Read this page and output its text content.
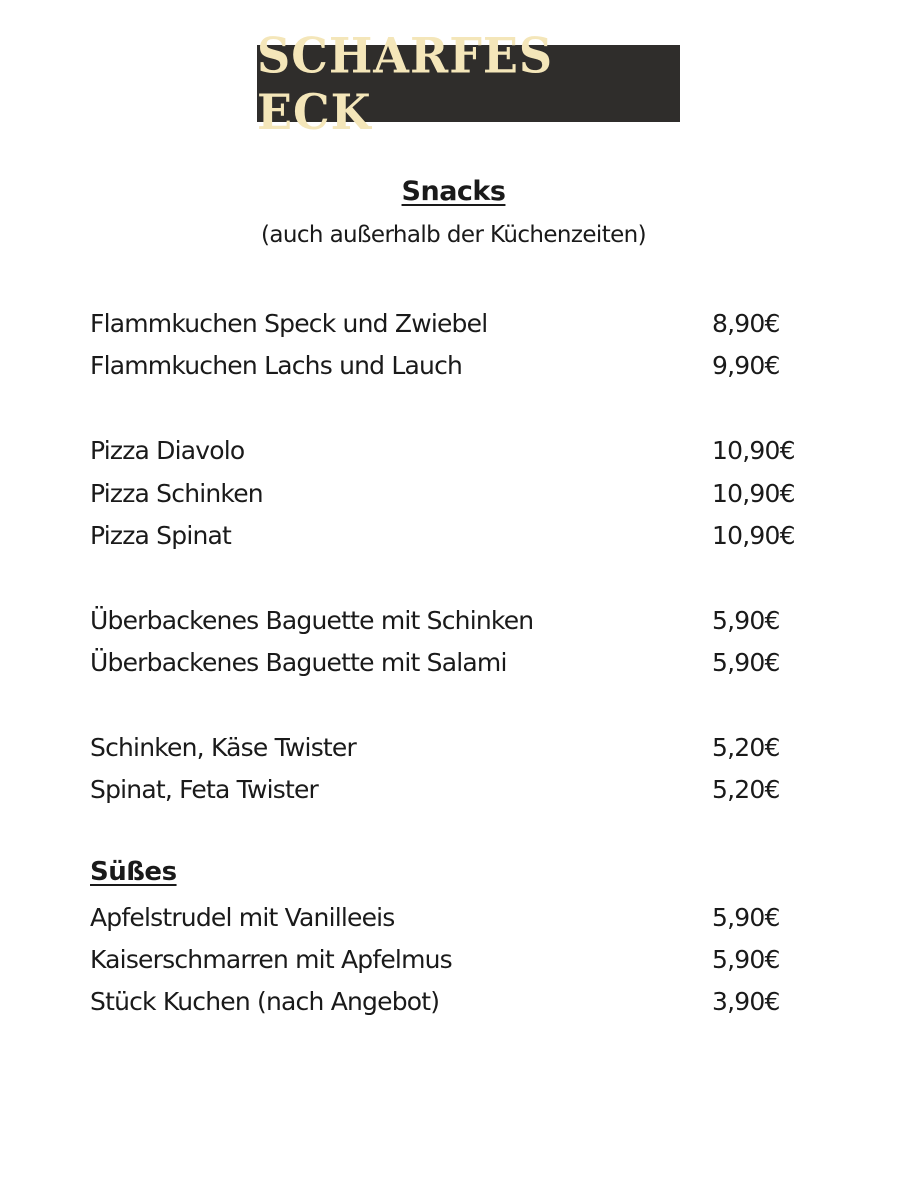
SCHARFES ECK
Snacks
(auch außerhalb der Küchenzeiten)
Flammkuchen Speck und Zwiebel	8,90€
Flammkuchen Lachs und Lauch	9,90€
Pizza Diavolo	10,90€
Pizza Schinken	10,90€
Pizza Spinat	10,90€
Überbackenes Baguette mit Schinken	5,90€
Überbackenes Baguette mit Salami	5,90€
Schinken, Käse Twister	5,20€
Spinat, Feta Twister	5,20€
Süßes
Apfelstrudel mit Vanilleeis	5,90€
Kaiserschmarren mit Apfelmus	5,90€
Stück Kuchen (nach Angebot)	3,90€
